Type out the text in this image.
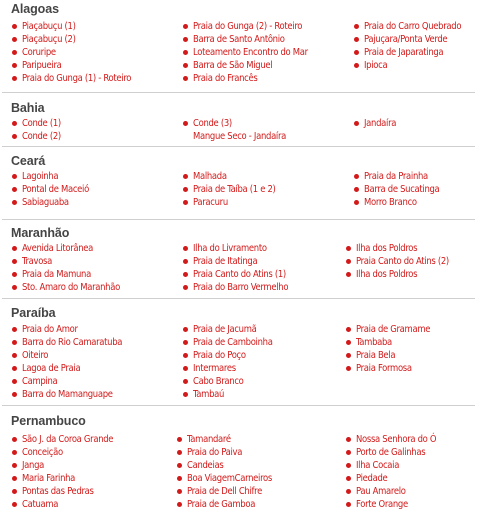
Alagoas
Piaçabuçu (1)
Piaçabuçu (2)
Coruripe
Paripueira
Praia do Gunga (1) - Roteiro
Praia do Gunga (2) - Roteiro
Barra de Santo Antônio
Loteamento Encontro do Mar
Barra de São Miguel
Praia do Francês
Praia do Carro Quebrado
Pajuçara/Ponta Verde
Praia de Japaratinga
Ipioca
Bahia
Conde (1)
Conde (2)
Conde (3)
Mangue Seco - Jandaíra
Jandaíra
Ceará
Lagoinha
Pontal de Maceió
Sabiaguaba
Malhada
Praia de Taíba (1 e 2)
Paracuru
Praia da Prainha
Barra de Sucatinga
Morro Branco
Maranhão
Avenida Litorânea
Travosa
Praia da Mamuna
Sto. Amaro do Maranhão
Ilha do Livramento
Praia de Itatinga
Praia Canto do Atins (1)
Praia do Barro Vermelho
Ilha dos Poldros
Praia Canto do Atins (2)
Ilha dos Poldros
Paraíba
Praia do Amor
Barra do Rio Camaratuba
Oiteiro
Lagoa de Praia
Campina
Barra do Mamanguape
Praia de Jacumã
Praia de Camboinha
Praia do Poço
Intermares
Cabo Branco
Tambaú
Praia de Gramame
Tambaba
Praia Bela
Praia Formosa
Pernambuco
São J. da Coroa Grande
Conceição
Janga
Maria Farinha
Pontas das Pedras
Catuama
Tamandaré
Praia do Paiva
Candeias
Boa ViagemCarneiros
Praia de Dell Chifre
Praia de Gamboa
Nossa Senhora do Ó
Porto de Galinhas
Ilha Cocaia
Piedade
Pau Amarelo
Forte Orange
